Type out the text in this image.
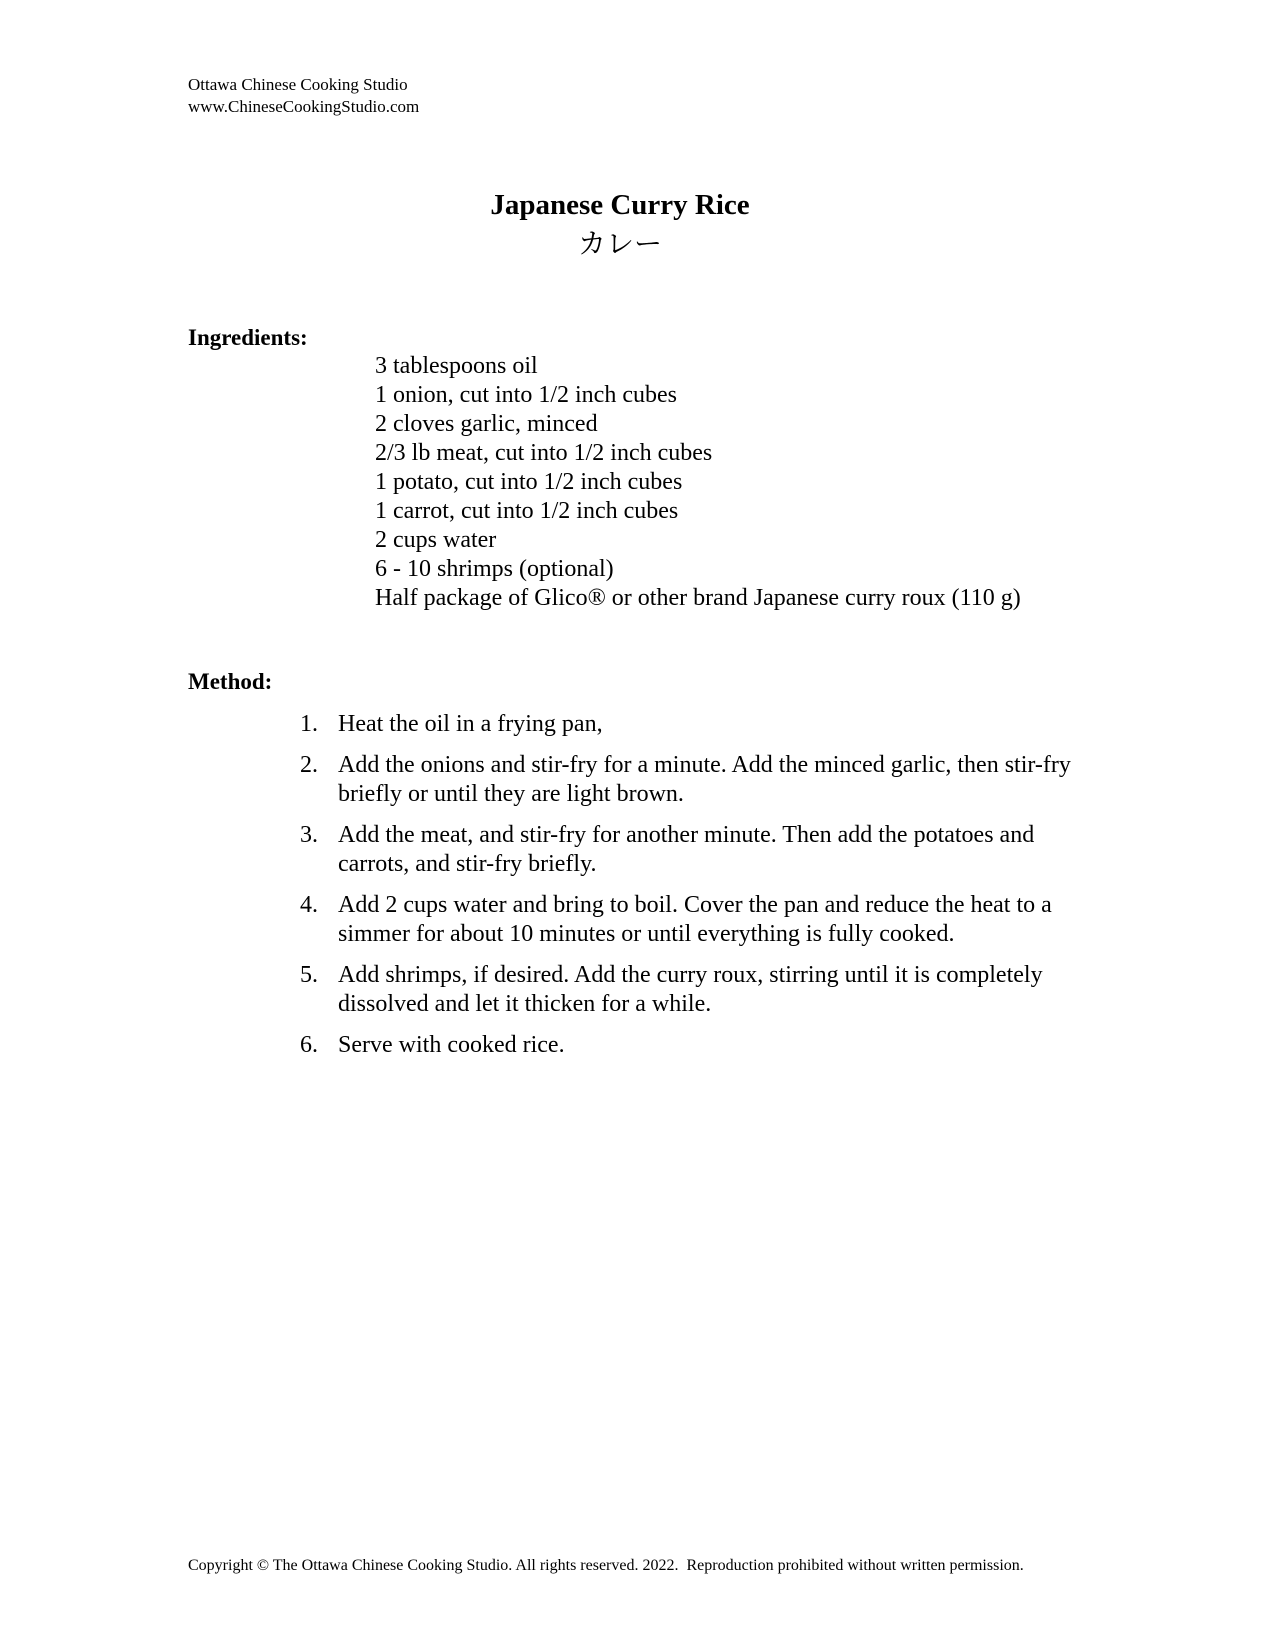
Ottawa Chinese Cooking Studio
www.ChineseCookingStudio.com
Japanese Curry Rice
カレー
Ingredients:
3 tablespoons oil
1 onion, cut into 1/2 inch cubes
2 cloves garlic, minced
2/3 lb meat, cut into 1/2 inch cubes
1 potato, cut into 1/2 inch cubes
1 carrot, cut into 1/2 inch cubes
2 cups water
6 - 10 shrimps (optional)
Half package of Glico® or other brand Japanese curry roux (110 g)
Method:
1. Heat the oil in a frying pan,
2. Add the onions and stir-fry for a minute. Add the minced garlic, then stir-fry briefly or until they are light brown.
3. Add the meat, and stir-fry for another minute. Then add the potatoes and carrots, and stir-fry briefly.
4. Add 2 cups water and bring to boil. Cover the pan and reduce the heat to a simmer for about 10 minutes or until everything is fully cooked.
5. Add shrimps, if desired. Add the curry roux, stirring until it is completely dissolved and let it thicken for a while.
6. Serve with cooked rice.
Copyright © The Ottawa Chinese Cooking Studio. All rights reserved. 2022.  Reproduction prohibited without written permission.
